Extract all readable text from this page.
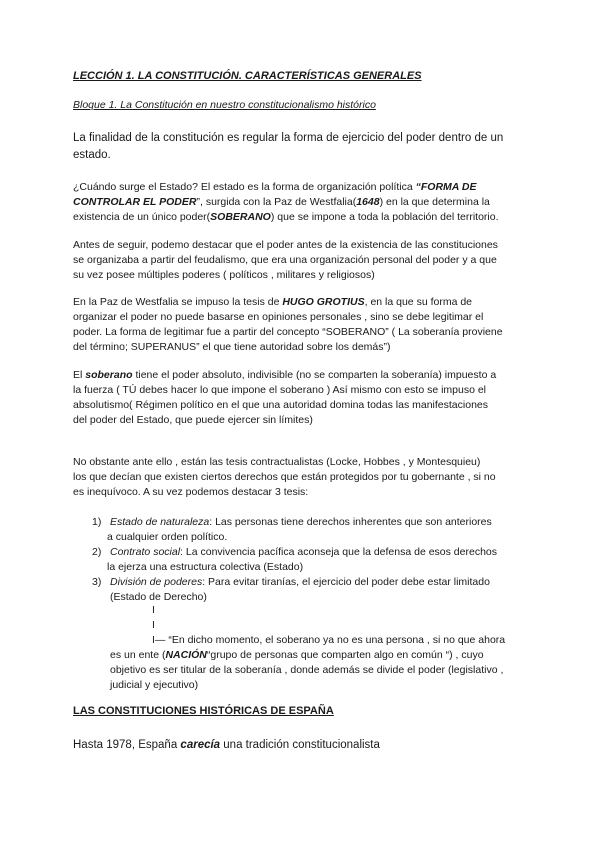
LECCIÓN 1. LA CONSTITUCIÓN. CARACTERÍSTICAS GENERALES
Bloque 1. La Constitución en nuestro constitucionalismo histórico
La finalidad de la constitución es regular la forma de ejercicio del poder dentro de un
estado.
¿Cuándo surge el Estado? El estado es la forma de organización política “FORMA DE
CONTROLAR EL PODER”, surgida con la Paz de Westfalia(1648) en la que determina la
existencia de un único poder(SOBERANO) que se impone a toda la población del territorio.
Antes de seguir, podemo destacar que el poder antes de la existencia de las constituciones
se organizaba a partir del feudalismo, que era una organización personal del poder y a que
su vez posee múltiples poderes ( políticos , militares y religiosos)
En la Paz de Westfalia se impuso la tesis de HUGO GROTIUS, en la que su forma de
organizar el poder no puede basarse en opiniones personales , sino se debe legitimar el
poder. La forma de legitimar fue a partir del concepto “SOBERANO” ( La soberanía proviene
del término; SUPERANUS” el que tiene autoridad sobre los demás”)
El soberano tiene el poder absoluto, indivisible (no se comparten la soberanía) impuesto a
la fuerza ( TÚ debes hacer lo que impone el soberano ) Así mismo con esto se impuso el
absolutismo( Régimen político en el que una autoridad domina todas las manifestaciones
del poder del Estado, que puede ejercer sin límites)
No obstante ante ello , están las tesis contractualistas (Locke, Hobbes , y Montesquieu)
los que decían que existen ciertos derechos que están protegidos por tu gobernante , si no
es inequívoco. A su vez podemos destacar 3 tesis:
1) Estado de naturaleza: Las personas tiene derechos inherentes que son anteriores
a cualquier orden político.
2) Contrato social: La convivencia pacífica aconseja que la defensa de esos derechos
la ejerza una estructura colectiva (Estado)
3) División de poderes: Para evitar tiranías, el ejercicio del poder debe estar limitado
(Estado de Derecho)
I
I
I— “En dicho momento, el soberano ya no es una persona , si no que ahora
es un ente (NACIÓN“grupo de personas que comparten algo en común “) , cuyo
objetivo es ser titular de la soberanía , donde además se divide el poder (legislativo ,
judicial y ejecutivo)
LAS CONSTITUCIONES HISTÓRICAS DE ESPAÑA
Hasta 1978, España carecía una tradición constitucionalista
